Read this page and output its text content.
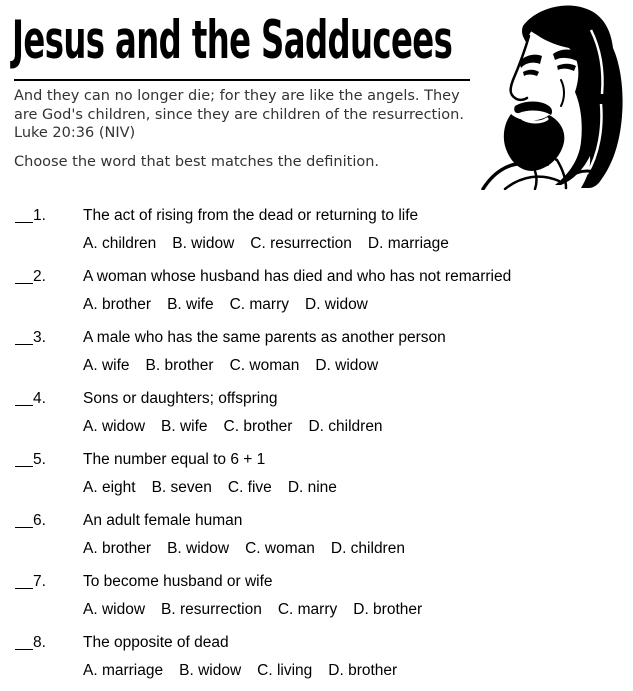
Jesus and the Sadducees

And they can no longer die; for they are like the angels. They are God's children, since they are children of the resurrection. Luke 20:36 (NIV)

Choose the word that best matches the definition.

1. The act of rising from the dead or returning to life
A. children B. widow C. resurrection D. marriage
2. A woman whose husband has died and who has not remarried
A. brother B. wife C. marry D. widow
3. A male who has the same parents as another person
A. wife B. brother C. woman D. widow
4. Sons or daughters; offspring
A. widow B. wife C. brother D. children
5. The number equal to 6 + 1
A. eight B. seven C. five D. nine
6. An adult female human
A. brother B. widow C. woman D. children
7. To become husband or wife
A. widow B. resurrection C. marry D. brother
8. The opposite of dead
A. marriage B. widow C. living D. brother
